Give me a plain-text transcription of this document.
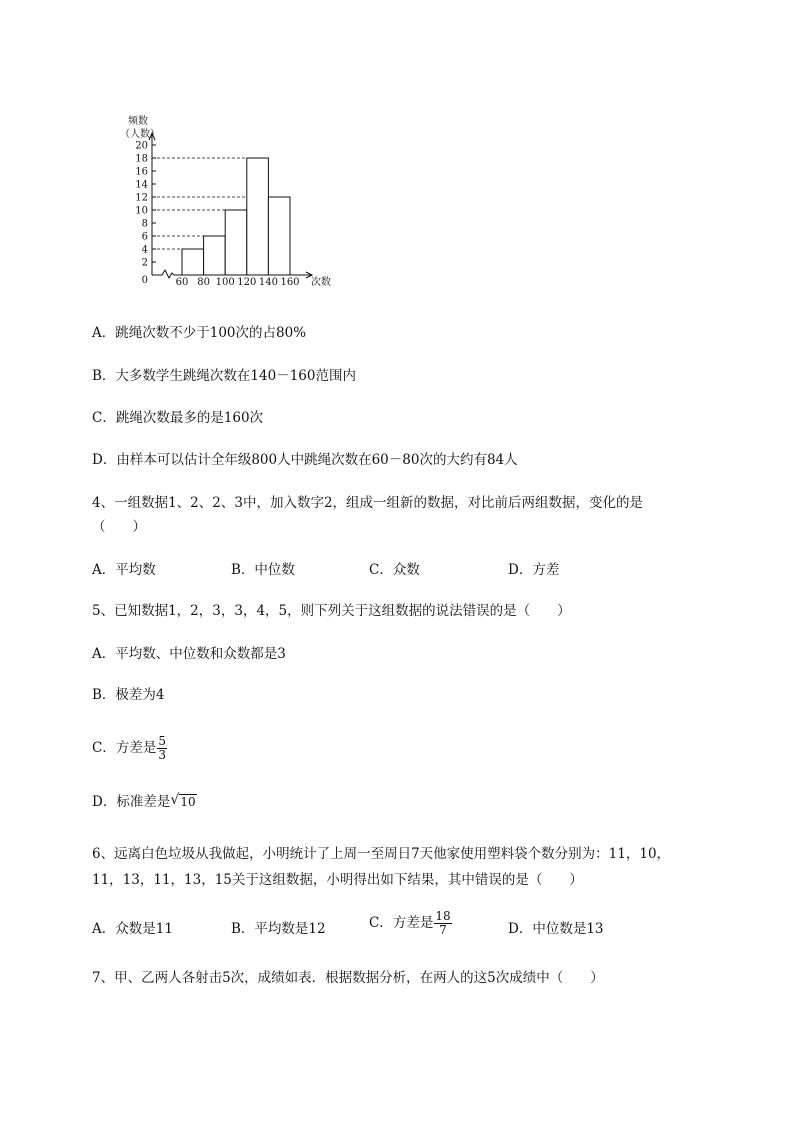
0
2
4
6
8
10
12
14
16
18
20
60 80 100 120 140 160
频数
（人数）
次数
A．跳绳次数不少于100次的占80%
B．大多数学生跳绳次数在140－160范围内
C．跳绳次数最多的是160次
D．由样本可以估计全年级800人中跳绳次数在60－80次的大约有84人
4、一组数据1、2、2、3中，加入数字2，组成一组新的数据，对比前后两组数据，变化的是
（　　）
A．平均数	B．中位数	C．众数	D．方差
5、已知数据1，2，3，3，4，5，则下列关于这组数据的说法错误的是（　　）
A．平均数、中位数和众数都是3
B．极差为4
C．方差是 $\frac{5}{3}$
D．标准差是 √ 10
6、远离白色垃圾从我做起，小明统计了上周一至周日7天他家使用塑料袋个数分别为：11，10，
11，13，11，13，15关于这组数据，小明得出如下结果，其中错误的是（　　）
A．众数是11	B．平均数是12	C．方差是 $\frac{18}{7}$	D．中位数是13
7、甲、乙两人各射击5次，成绩如表．根据数据分析，在两人的这5次成绩中（　　）
